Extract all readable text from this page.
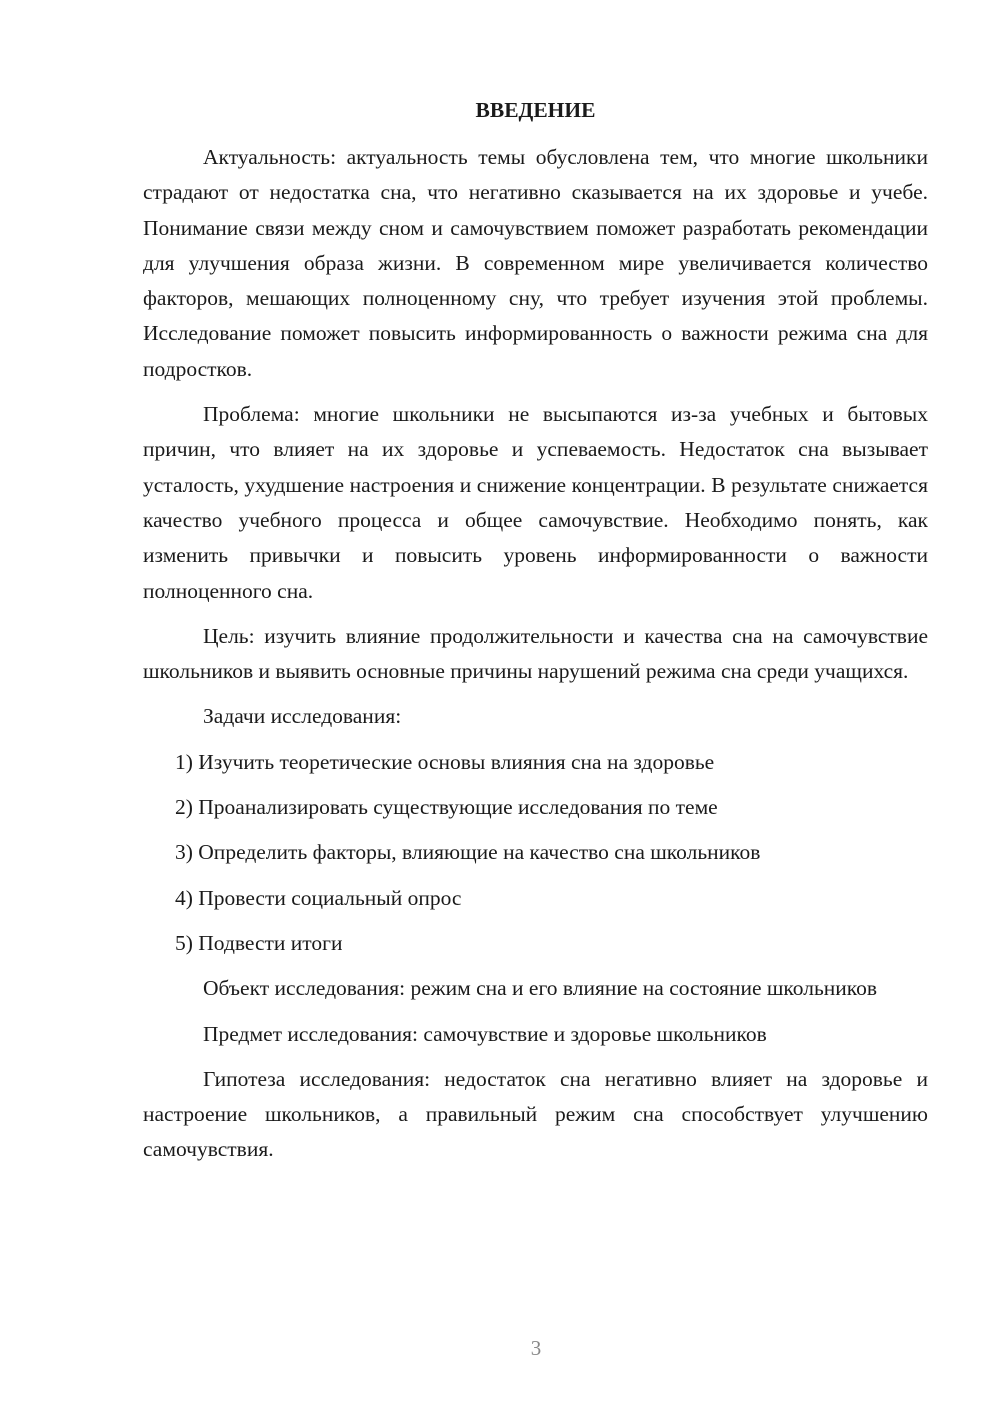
ВВЕДЕНИЕ

Актуальность: актуальность темы обусловлена тем, что многие школьники страдают от недостатка сна, что негативно сказывается на их здоровье и учебе. Понимание связи между сном и самочувствием поможет разработать рекомендации для улучшения образа жизни. В современном мире увеличивается количество факторов, мешающих полноценному сну, что требует изучения этой проблемы. Исследование поможет повысить информированность о важности режима сна для подростков.

Проблема: многие школьники не высыпаются из-за учебных и бытовых причин, что влияет на их здоровье и успеваемость. Недостаток сна вызывает усталость, ухудшение настроения и снижение концентрации. В результате снижается качество учебного процесса и общее самочувствие. Необходимо понять, как изменить привычки и повысить уровень информированности о важности полноценного сна.

Цель: изучить влияние продолжительности и качества сна на самочувствие школьников и выявить основные причины нарушений режима сна среди учащихся.

Задачи исследования:

1) Изучить теоретические основы влияния сна на здоровье
2) Проанализировать существующие исследования по теме
3) Определить факторы, влияющие на качество сна школьников
4) Провести социальный опрос
5) Подвести итоги

Объект исследования: режим сна и его влияние на состояние школьников

Предмет исследования: самочувствие и здоровье школьников

Гипотеза исследования: недостаток сна негативно влияет на здоровье и настроение школьников, а правильный режим сна способствует улучшению самочувствия.

3
